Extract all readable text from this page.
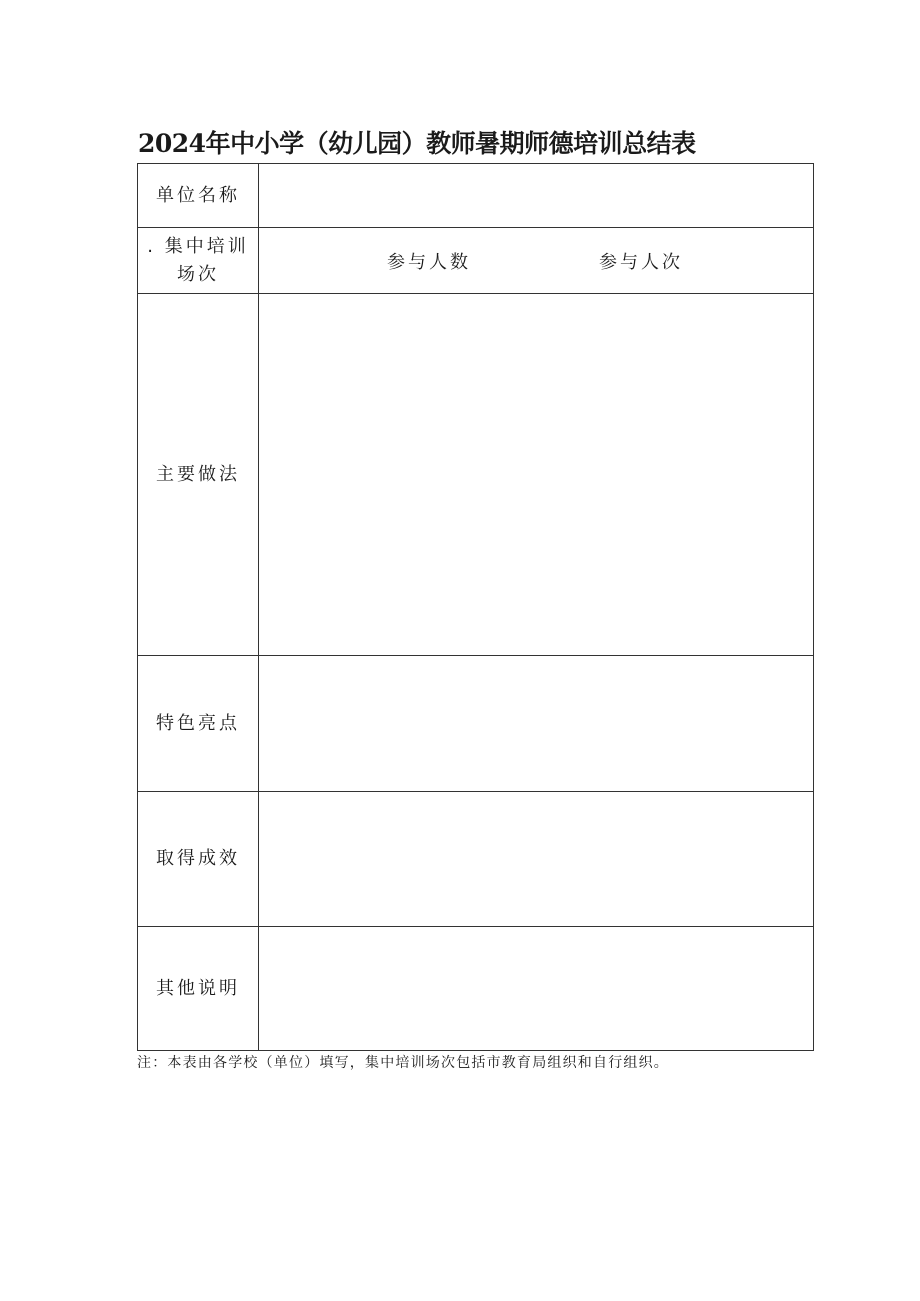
2024年中小学（幼儿园）教师暑期师德培训总结表
单位名称	
. 集中培训场次	参与人数 参与人次

主要做法	
特色亮点	
取得成效	
其他说明	
注：本表由各学校（单位）填写，集中培训场次包括市教育局组织和自行组织。
